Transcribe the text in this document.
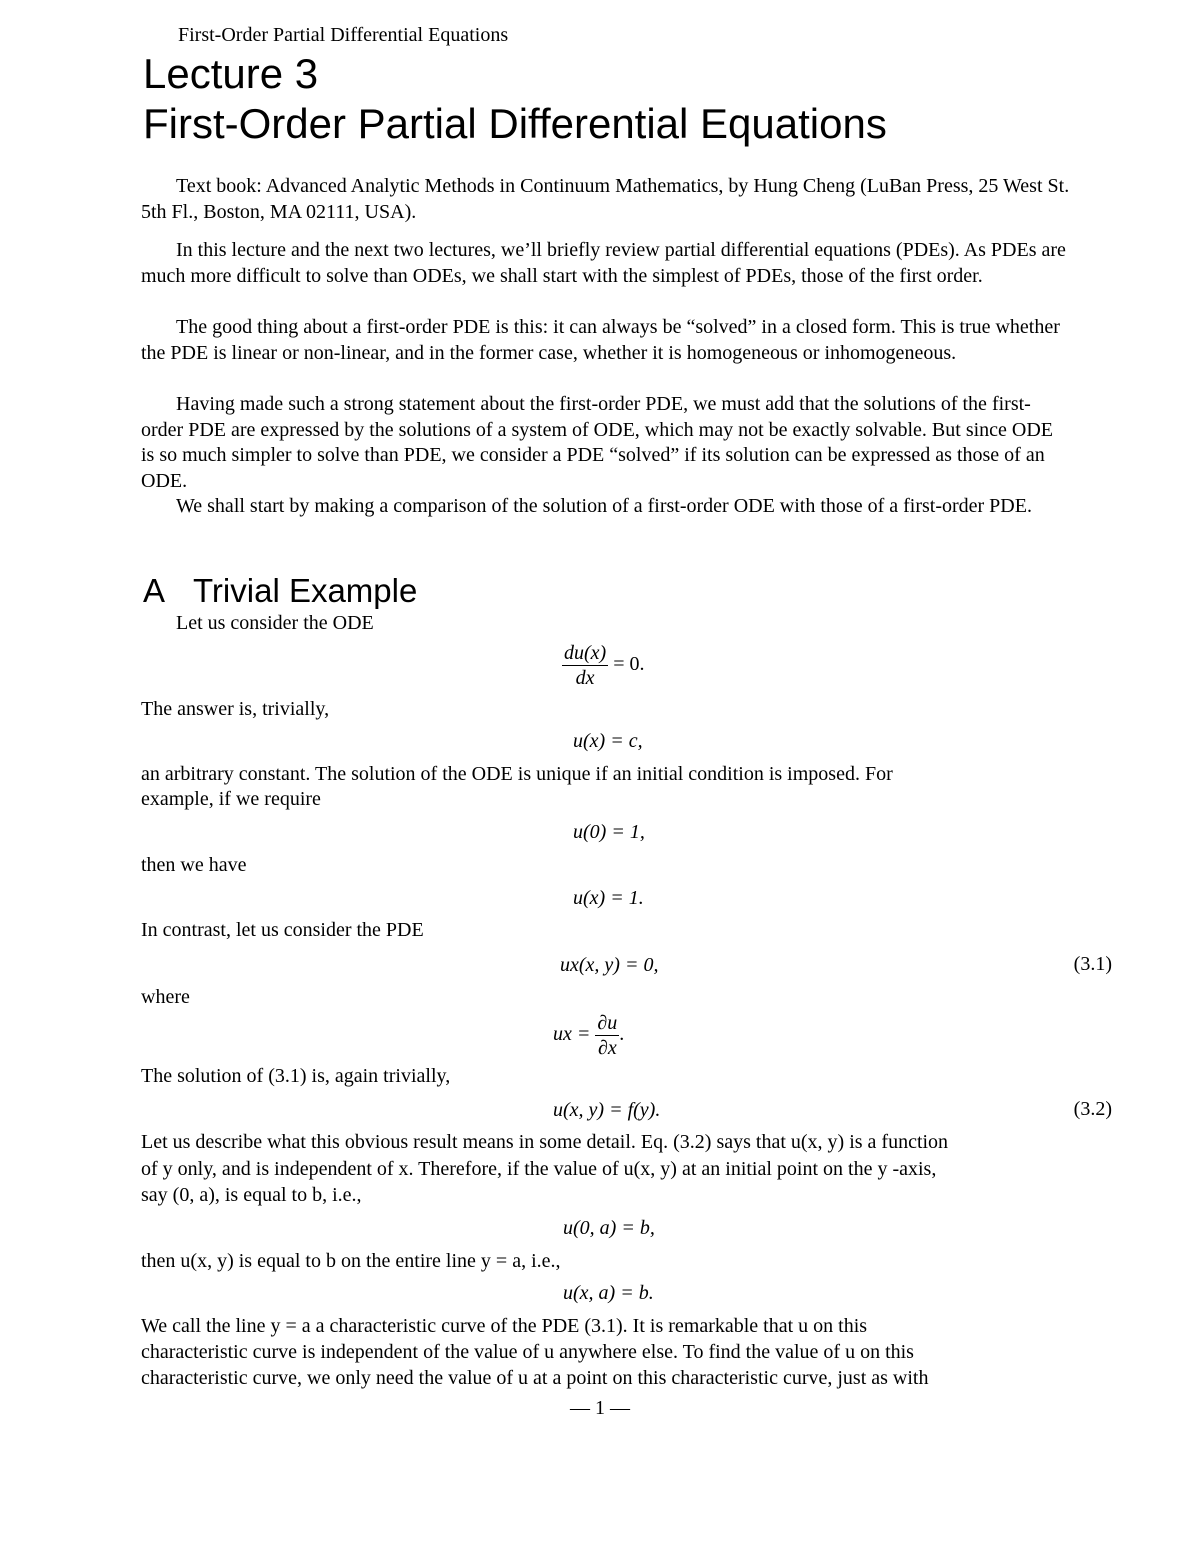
First-Order Partial Differential Equations
Lecture 3
First-Order Partial Differential Equations
Text book: Advanced Analytic Methods in Continuum Mathematics, by Hung Cheng (LuBan Press, 25 West St. 5th Fl., Boston, MA 02111, USA).
In this lecture and the next two lectures, we’ll briefly review partial differential equations (PDEs). As PDEs are much more difficult to solve than ODEs, we shall start with the simplest of PDEs, those of the first order.
The good thing about a first-order PDE is this: it can always be “solved” in a closed form. This is true whether the PDE is linear or non-linear, and in the former case, whether it is homogeneous or inhomogeneous.
Having made such a strong statement about the first-order PDE, we must add that the solutions of the first-order PDE are expressed by the solutions of a system of ODE, which may not be exactly solvable. But since ODE is so much simpler to solve than PDE, we consider a PDE “solved” if its solution can be expressed as those of an ODE.
We shall start by making a comparison of the solution of a first-order ODE with those of a first-order PDE.
A Trivial Example
Let us consider the ODE
$\frac{du(x)}{dx} = 0$.
The answer is, trivially,
u(x) = c,
an arbitrary constant. The solution of the ODE is unique if an initial condition is imposed. For
example, if we require
u(0) = 1,
then we have
u(x) = 1.
In contrast, let us consider the PDE
ux(x, y) = 0,	(3.1)
where
ux = $\frac{\partial u}{\partial x}$ .
The solution of (3.1) is, again trivially,
u(x, y) = f(y).	(3.2)
Let us describe what this obvious result means in some detail. Eq. (3.2) says that u(x, y) is a function
of y only, and is independent of x. Therefore, if the value of u(x, y) at an initial point on the y -axis,
say (0, a), is equal to b, i.e.,
u(0, a) = b,
then u(x, y) is equal to b on the entire line y = a, i.e.,
u(x, a) = b.
We call the line y = a a characteristic curve of the PDE (3.1). It is remarkable that u on this
characteristic curve is independent of the value of u anywhere else. To find the value of u on this
characteristic curve, we only need the value of u at a point on this characteristic curve, just as with
— 1 —
